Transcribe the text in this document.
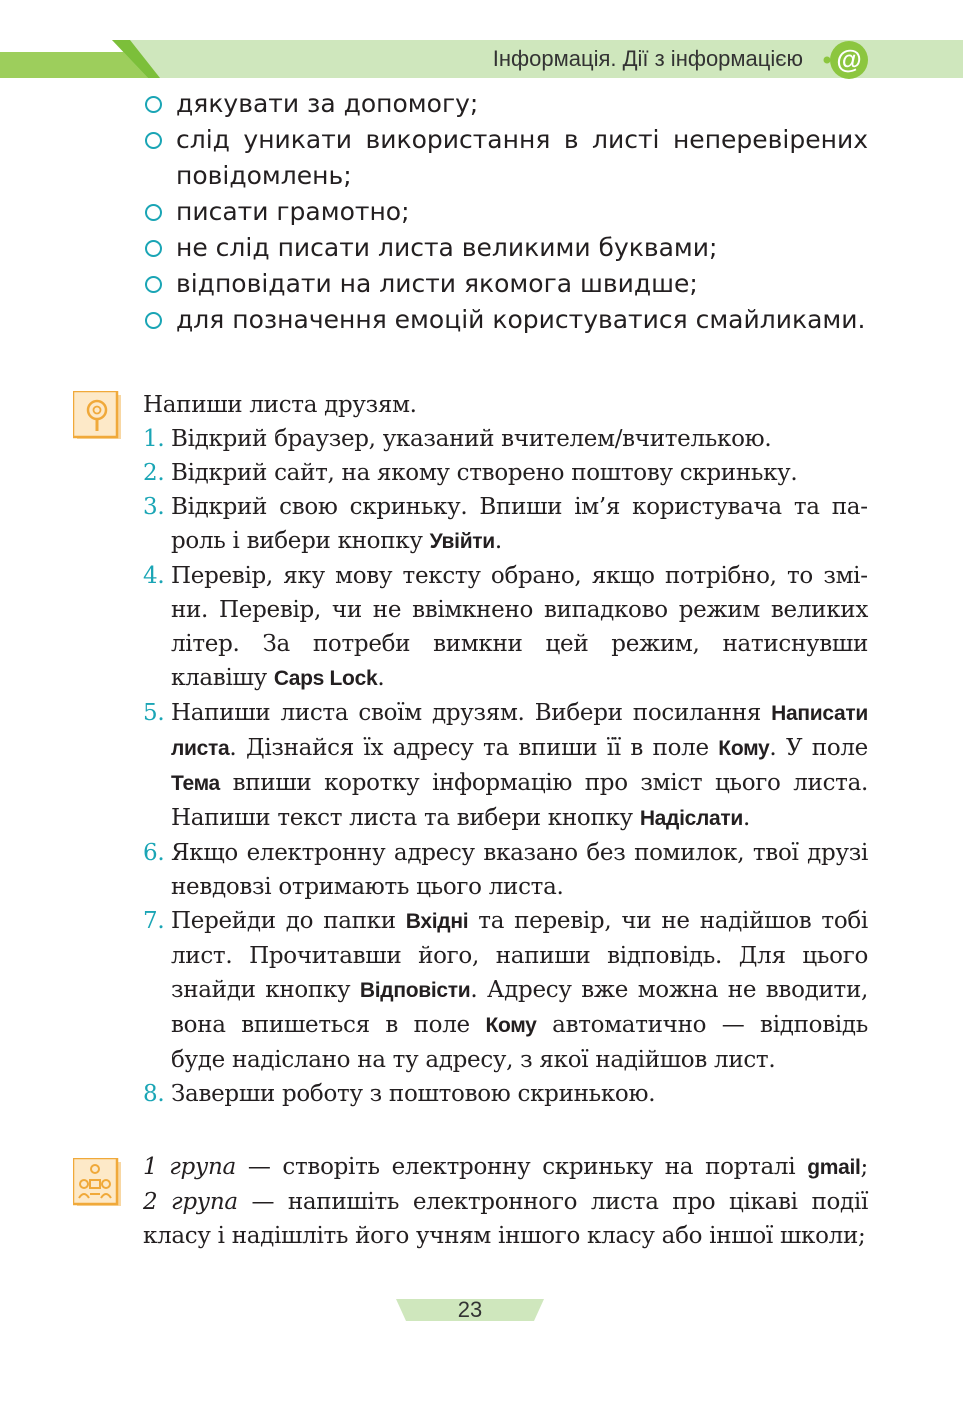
Інформація. Дії з інформацією @
дякувати за допомогу;
слід уникати використання в листі неперевірених повідомлень;
писати грамотно;
не слід писати листа великими буквами;
відповідати на листи якомога швидше;
для позначення емоцій користуватися смайликами.

Напиши листа друзям.

1. Відкрий браузер, указаний вчителем/вчителькою.
2. Відкрий сайт, на якому створено поштову скриньку.
3. Відкрий свою скриньку. Впиши ім’я користувача та пароль і вибери кнопку Увійти.
4. Перевір, яку мову тексту обрано, якщо потрібно, то зміни. Перевір, чи не ввімкнено випадково режим великих літер. За потреби вимкни цей режим, натиснувши клавішу Caps Lock.
5. Напиши листа своїм друзям. Вибери посилання Написати листа. Дізнайся їх адресу та впиши її в поле Кому. У поле Тема впиши коротку інформацію про зміст цього листа. Напиши текст листа та вибери кнопку Надіслати.
6. Якщо електронну адресу вказано без помилок, твої друзі невдовзі отримають цього листа.
7. Перейди до папки Вхідні та перевір, чи не надійшов тобі лист. Прочитавши його, напиши відповідь. Для цього знайди кнопку Відповісти. Адресу вже можна не вводити, вона впишеться в поле Кому автоматично — відповідь буде надіслано на ту адресу, з якої надійшов лист.
8. Заверши роботу з поштовою скринькою.
1 група — створіть електронну скриньку на порталі gmail;
2 група — напишіть електронного листа про цікаві події
класу і надішліть його учням іншого класу або іншої школи;
23
